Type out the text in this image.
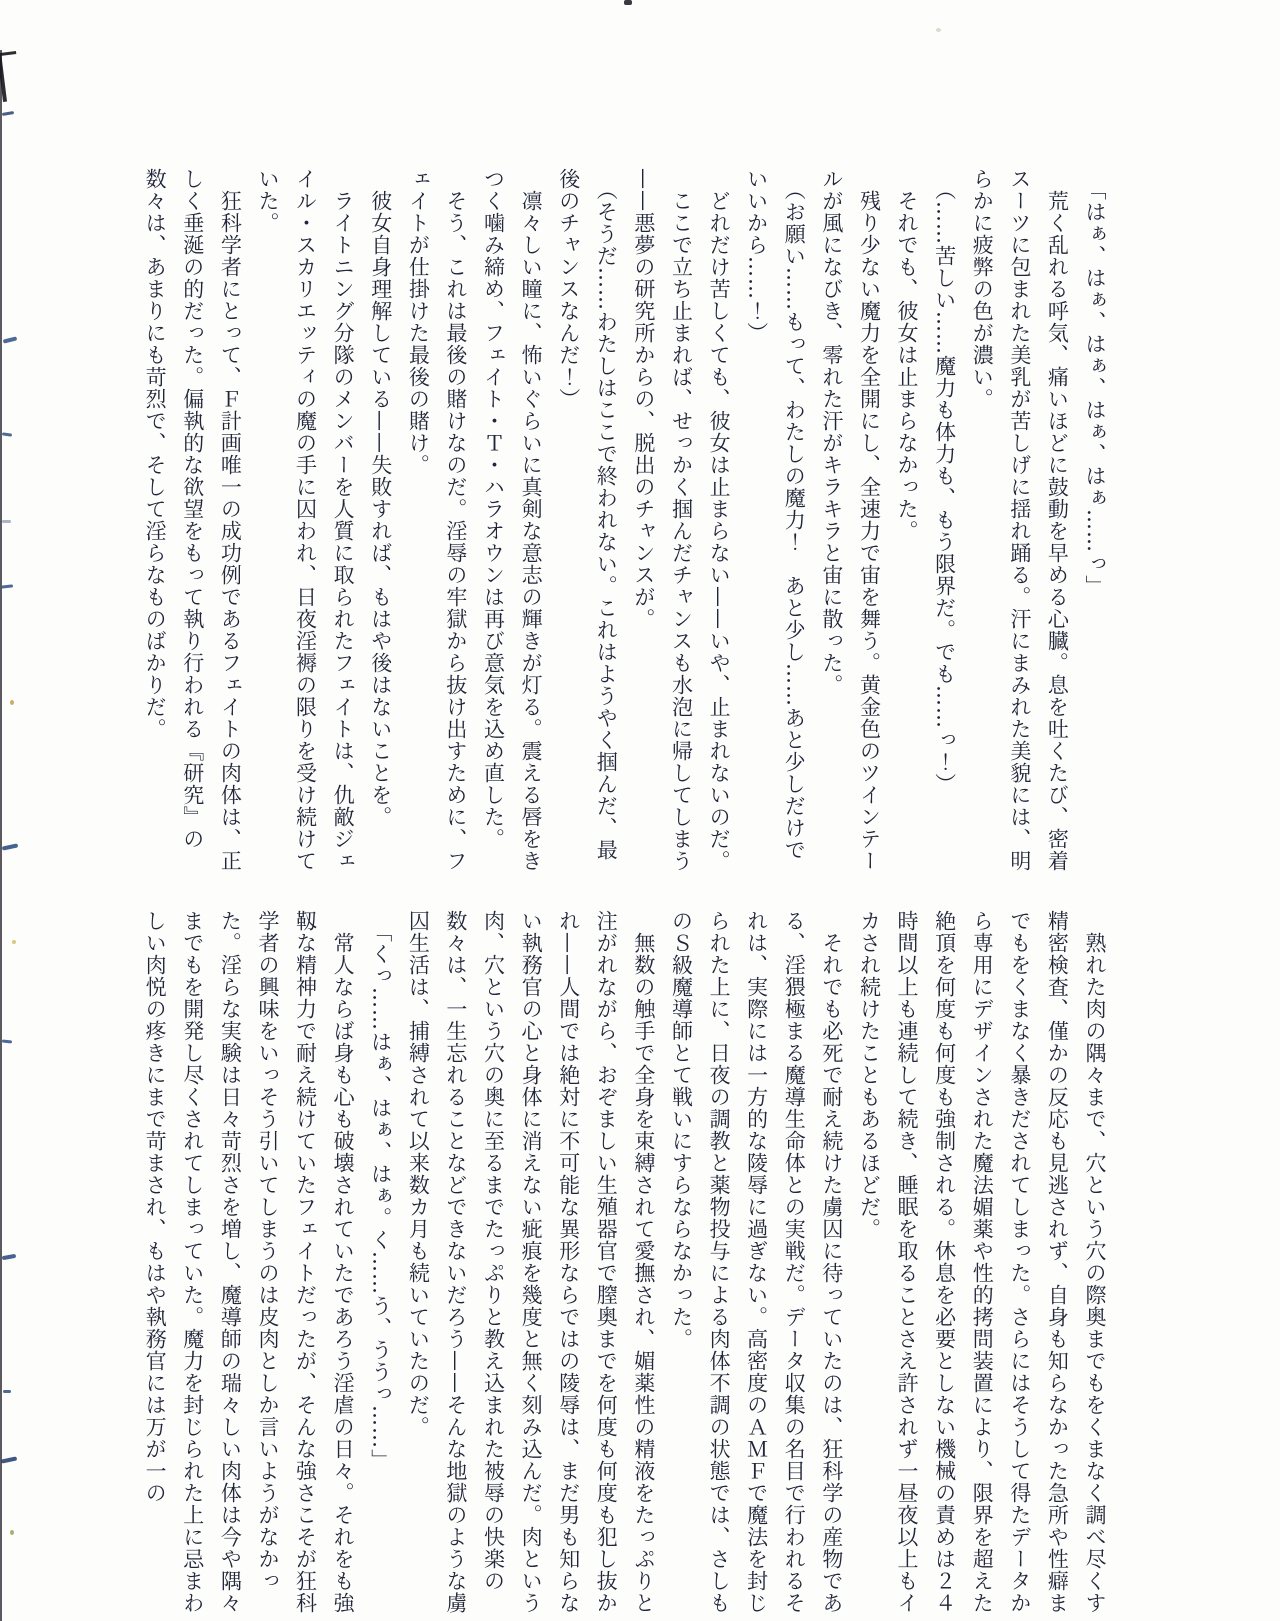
「はぁ、はぁ、はぁ、はぁ、はぁ……っ」

荒く乱れる呼気、痛いほどに鼓動を早める心臓。息を吐くたび、密着スーツに包まれた美乳が苦しげに揺れ踊る。汗にまみれた美貌には、明らかに疲弊の色が濃い。

（……苦しい……魔力も体力も、もう限界だ。でも……っ！）

それでも、彼女は止まらなかった。

残り少ない魔力を全開にし、全速力で宙を舞う。黄金色のツインテールが風になびき、零れた汗がキラキラと宙に散った。

（お願い……もって、わたしの魔力！　あと少し……あと少しだけでいいから……！）

どれだけ苦しくても、彼女は止まらない——いや、止まれないのだ。

ここで立ち止まれば、せっかく掴んだチャンスも水泡に帰してしまう——悪夢の研究所からの、脱出のチャンスが。

（そうだ……わたしはここで終われない。これはようやく掴んだ、最後のチャンスなんだ！）

凛々しい瞳に、怖いぐらいに真剣な意志の輝きが灯る。震える唇をきつく噛み締め、フェイト・Ｔ・ハラオウンは再び意気を込め直した。

そう、これは最後の賭けなのだ。淫辱の牢獄から抜け出すために、フェイトが仕掛けた最後の賭け。

彼女自身理解している——失敗すれば、もはや後はないことを。

ライトニング分隊のメンバーを人質に取られたフェイトは、仇敵ジェイル・スカリエッティの魔の手に囚われ、日夜淫褥の限りを受け続けていた。

狂科学者にとって、Ｆ計画唯一の成功例であるフェイトの肉体は、正しく垂涎の的だった。偏執的な欲望をもって執り行われる『研究』の数々は、あまりにも苛烈で、そして淫らなものばかりだ。

熟れた肉の隅々まで、穴という穴の際奥までもをくまなく調べ尽くす精密検査、僅かの反応も見逃されず、自身も知らなかった急所や性癖までもをくまなく暴きだされてしまった。さらにはそうして得たデータから専用にデザインされた魔法媚薬や性的拷問装置により、限界を超えた絶頂を何度も何度も強制される。休息を必要としない機械の責めは２４時間以上も連続して続き、睡眠を取ることさえ許されず一昼夜以上もイカされ続けたこともあるほどだ。

それでも必死で耐え続けた虜囚に待っていたのは、狂科学の産物である、淫猥極まる魔導生命体との実戦だ。データ収集の名目で行われるそれは、実際には一方的な陵辱に過ぎない。高密度のＡＭＦで魔法を封じられた上に、日夜の調教と薬物投与による肉体不調の状態では、さしものＳ級魔導師とて戦いにすらならなかった。

無数の触手で全身を束縛されて愛撫され、媚薬性の精液をたっぷりと注がれながら、おぞましい生殖器官で膣奥までを何度も何度も犯し抜かれ——人間では絶対に不可能な異形ならではの陵辱は、まだ男も知らない執務官の心と身体に消えない疵痕を幾度と無く刻み込んだ。肉という肉、穴という穴の奥に至るまでたっぷりと教え込まれた被辱の快楽の数々は、一生忘れることなどできないだろう——そんな地獄のような虜囚生活は、捕縛されて以来数カ月も続いていたのだ。

「くっ……はぁ、はぁ、はぁ。く……う、ううっ……」

常人ならば身も心も破壊されていたであろう淫虐の日々。それをも強靱な精神力で耐え続けていたフェイトだったが、そんな強さこそが狂科学者の興味をいっそう引いてしまうのは皮肉としか言いようがなかった。淫らな実験は日々苛烈さを増し、魔導師の瑞々しい肉体は今や隅々までもを開発し尽くされてしまっていた。魔力を封じられた上に忌まわしい肉悦の疼きにまで苛まされ、もはや執務官には万が一の
